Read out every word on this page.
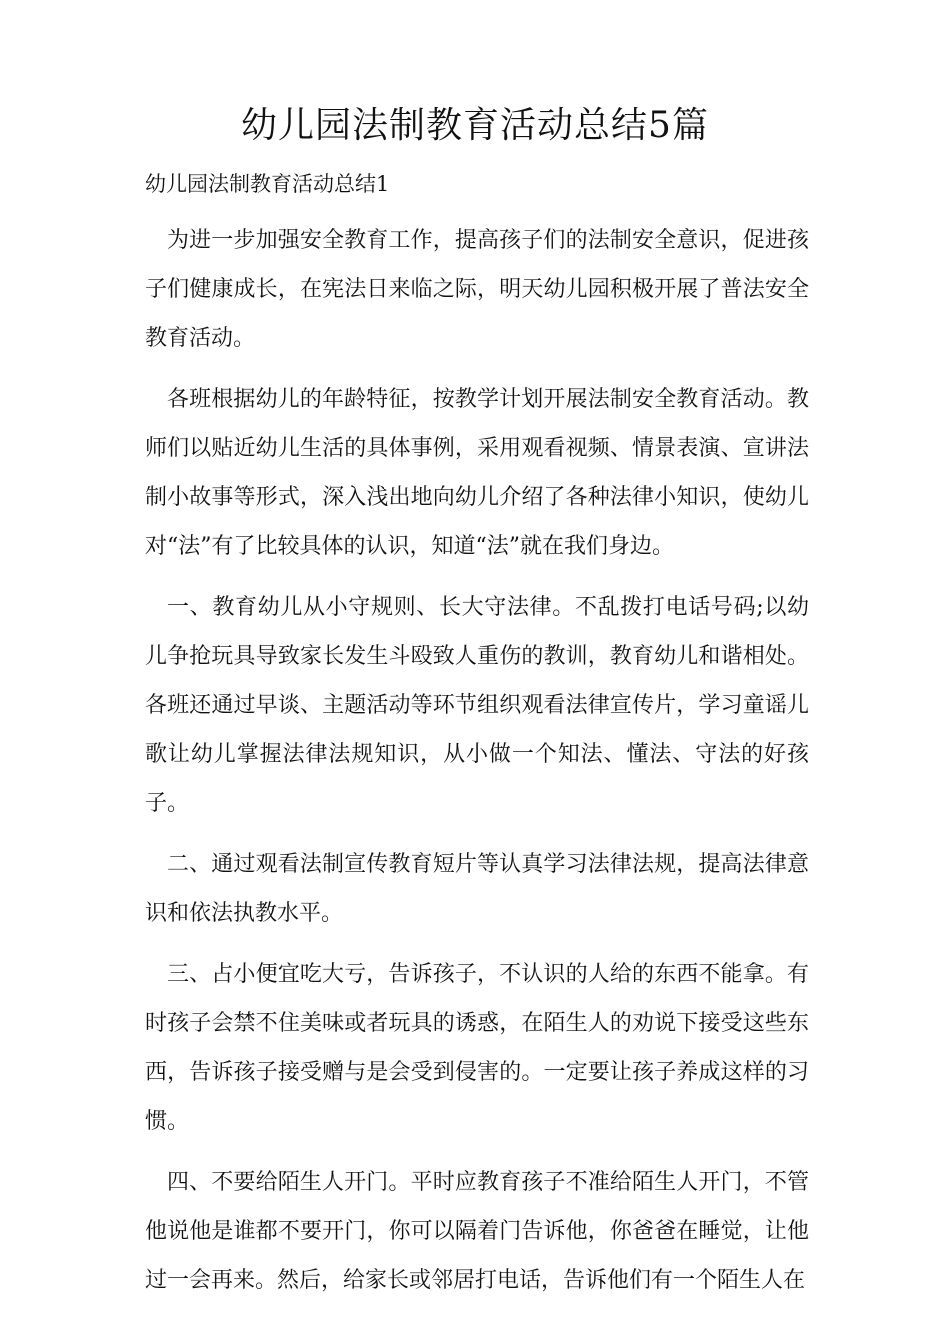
幼儿园法制教育活动总结5篇
幼儿园法制教育活动总结1

为进一步加强安全教育工作，提高孩子们的法制安全意识，促进孩子们健康成长，在宪法日来临之际，明天幼儿园积极开展了普法安全教育活动。

各班根据幼儿的年龄特征，按教学计划开展法制安全教育活动。教师们以贴近幼儿生活的具体事例，采用观看视频、情景表演、宣讲法制小故事等形式，深入浅出地向幼儿介绍了各种法律小知识，使幼儿对“法”有了比较具体的认识，知道“法”就在我们身边。

一、教育幼儿从小守规则、长大守法律。不乱拨打电话号码;以幼儿争抢玩具导致家长发生斗殴致人重伤的教训，教育幼儿和谐相处。各班还通过早谈、主题活动等环节组织观看法律宣传片，学习童谣儿歌让幼儿掌握法律法规知识，从小做一个知法、懂法、守法的好孩子。

二、通过观看法制宣传教育短片等认真学习法律法规，提高法律意识和依法执教水平。

三、占小便宜吃大亏，告诉孩子，不认识的人给的东西不能拿。有时孩子会禁不住美味或者玩具的诱惑，在陌生人的劝说下接受这些东西，告诉孩子接受赠与是会受到侵害的。一定要让孩子养成这样的习惯。

四、不要给陌生人开门。平时应教育孩子不准给陌生人开门，不管他说他是谁都不要开门，你可以隔着门告诉他，你爸爸在睡觉，让他过一会再来。然后，给家长或邻居打电话，告诉他们有一个陌生人在
